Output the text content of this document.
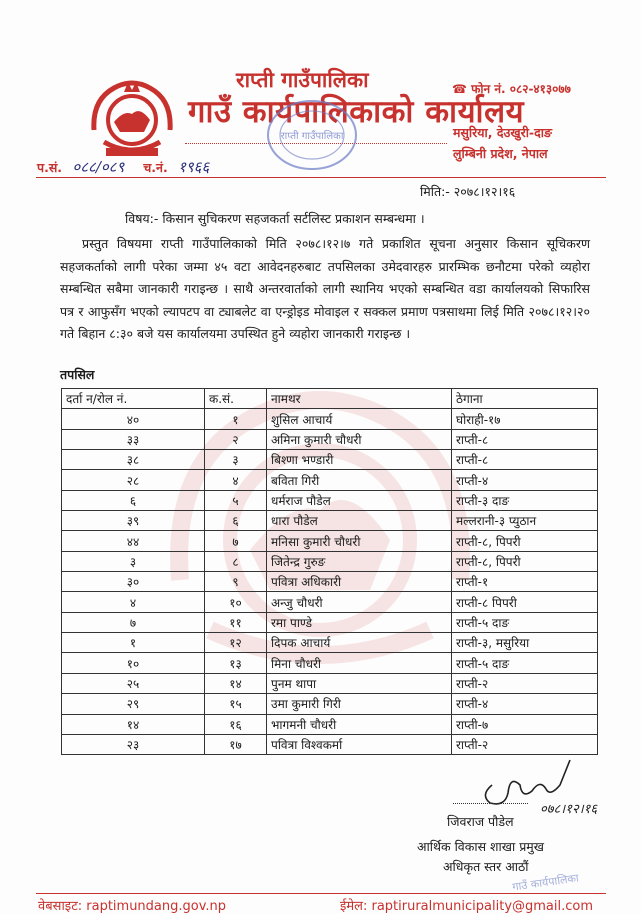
राप्ती गाउँपालिका
गाउँ कार्यपालिकाको कार्यालय
☎ फोन नं. ०८२-४१३०७७
मसुरिया, देउखुरी-दाङ
लुम्बिनी प्रदेश, नेपाल
राप्ती गाउँपालिका
प.सं. ०८८/०८९ च.नं. १९६६
मिति:- २०७८।१२।१६
विषय:- किसान सुचिकरण सहजकर्ता सर्टलिस्ट प्रकाशन सम्बन्धमा ।
प्रस्तुत विषयमा राप्ती गाउँपालिकाको मिति २०७८।१२।७ गते प्रकाशित सूचना अनुसार किसान सूचिकरण सहजकर्ताको लागी परेका जम्मा ४५ वटा आवेदनहरुबाट तपसिलका उमेदवारहरु प्रारम्भिक छनौटमा परेको व्यहोरा सम्बन्धित सबैमा जानकारी गराइन्छ । साथै अन्तरवार्ताको लागी स्थानिय भएको सम्बन्धित वडा कार्यालयको सिफारिस पत्र र आफुसँग भएको ल्यापटप वा ट्याबलेट वा एन्ड्रोइड मोवाइल र सक्कल प्रमाण पत्रसाथमा लिई मिति २०७८।१२।२० गते बिहान ८:३० बजे यस कार्यालयमा उपस्थित हुने व्यहोरा जानकारी गराइन्छ ।
तपसिल
दर्ता न/रोल नं.	क.सं.	नामथर	ठेगाना
४०	१	शुसिल आचार्य	घोराही-१७
३३	२	अमिना कुमारी चौधरी	राप्ती-८
३८	३	बिश्णा भण्डारी	राप्ती-८
२८	४	बविता गिरी	राप्ती-४
६	५	धर्मराज पौडेल	राप्ती-३ दाङ
३९	६	धारा पौडेल	मल्लरानी-३ प्युठान
४४	७	मनिसा कुमारी चौधरी	राप्ती-८, पिपरी
३	८	जितेन्द्र गुरुङ	राप्ती-८, पिपरी
३०	९	पवित्रा अधिकारी	राप्ती-१
४	१०	अन्जु चौधरी	राप्ती-८ पिपरी
७	११	रमा पाण्डे	राप्ती-५ दाङ
१	१२	दिपक आचार्य	राप्ती-३, मसुरिया
१०	१३	मिना चौधरी	राप्ती-५ दाङ
२५	१४	पुनम थापा	राप्ती-२
२९	१५	उमा कुमारी गिरी	राप्ती-४
१४	१६	भागमनी चौधरी	राप्ती-७
२३	१७	पवित्रा विश्वकर्मा	राप्ती-२
०७८।१२।१६
जिवराज पौडेल
आर्थिक विकास शाखा प्रमुख
अधिकृत स्तर आठौं
गाउँ कार्यपालिका
वेबसाइट: raptimundang.gov.np	ईमेल: raptiruralmunicipality@gmail.com
